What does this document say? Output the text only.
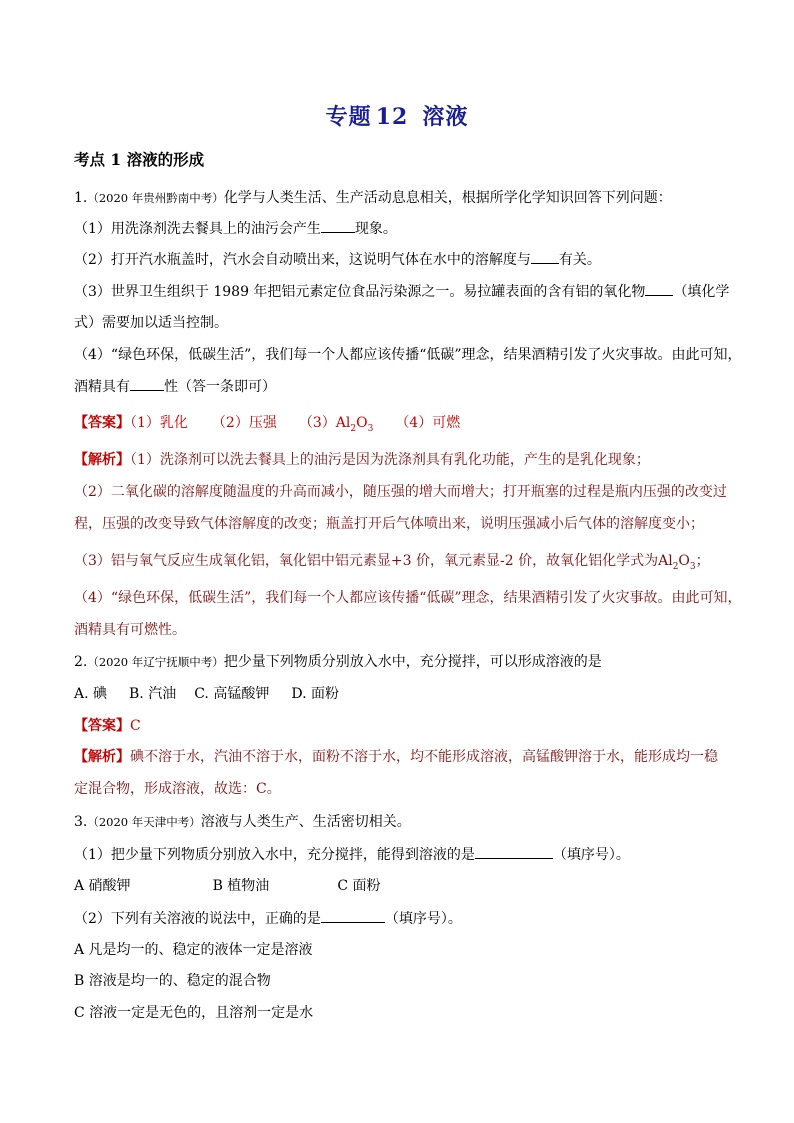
专题 12 溶液
考点 1 溶液的形成
1.（2020 年贵州黔南中考）化学与人类生活、生产活动息息相关，根据所学化学知识回答下列问题：
（1）用洗涤剂洗去餐具上的油污会产生 现象。
（2）打开汽水瓶盖时，汽水会自动喷出来，这说明气体在水中的溶解度与 有关。
（3）世界卫生组织于 1989 年把铝元素定位食品污染源之一。易拉罐表面的含有铝的氧化物 （填化学
式）需要加以适当控制。
（4）“绿色环保，低碳生活”，我们每一个人都应该传播“低碳”理念，结果酒精引发了火灾事故。由此可知，
酒精具有 性（答一条即可）
【答案】（1）乳化 （2）压强 $(3)Al_2O_3$ （4）可燃
【解析】（1）洗涤剂可以洗去餐具上的油污是因为洗涤剂具有乳化功能，产生的是乳化现象；
（2）二氧化碳的溶解度随温度的升高而减小，随压强的增大而增大；打开瓶塞的过程是瓶内压强的改变过
程，压强的改变导致气体溶解度的改变；瓶盖打开后气体喷出来，说明压强减小后气体的溶解度变小；
（3）铝与氧气反应生成氧化铝，氧化铝中铝元素显+3 价，氧元素显-2 价，故氧化铝化学式为$Al_2O_3$；
（4）“绿色环保，低碳生活”，我们每一个人都应该传播“低碳”理念，结果酒精引发了火灾事故。由此可知，
酒精具有可燃性。
2.（2020 年辽宁抚顺中考）把少量下列物质分别放入水中，充分搅拌，可以形成溶液的是
A. 碘 B. 汽油 C. 高锰酸钾 D. 面粉
【答案】C
【解析】碘不溶于水，汽油不溶于水，面粉不溶于水，均不能形成溶液，高锰酸钾溶于水，能形成均一稳
定混合物，形成溶液，故选：C。
3.（2020 年天津中考）溶液与人类生产、生活密切相关。
（1）把少量下列物质分别放入水中，充分搅拌，能得到溶液的是	（填序号）。
A 硝酸钾	B 植物油	C 面粉
（2）下列有关溶液的说法中，正确的是	（填序号）。
A 凡是均一的、稳定的液体一定是溶液
B 溶液是均一的、稳定的混合物
C 溶液一定是无色的，且溶剂一定是水
